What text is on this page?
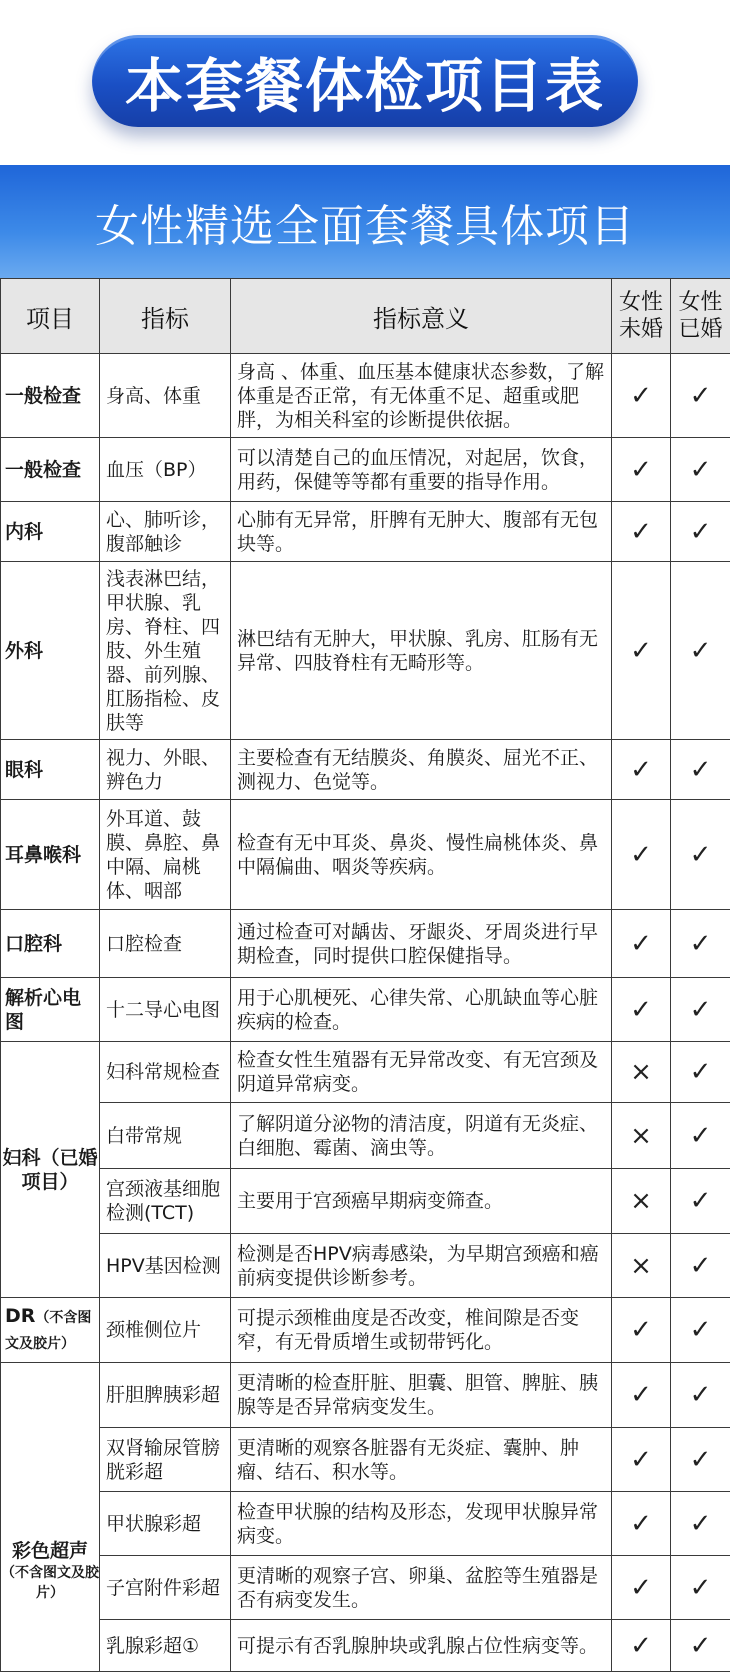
本套餐体检项目表
女性精选全面套餐具体项目
项目	指标	指标意义	女性未婚	女性已婚
一般检查	身高、体重	身高 、体重、血压基本健康状态参数，了解体重是否正常，有无体重不足、超重或肥胖，为相关科室的诊断提供依据。	✓	✓
一般检查	血压（BP）	可以清楚自己的血压情况，对起居，饮食，用药，保健等等都有重要的指导作用。	✓	✓
内科	心、肺听诊，腹部触诊	心肺有无异常，肝脾有无肿大、腹部有无包块等。	✓	✓
外科	浅表淋巴结，甲状腺、乳房、脊柱、四肢、外生殖器、前列腺、肛肠指检、皮肤等	淋巴结有无肿大，甲状腺、乳房、肛肠有无异常、四肢脊柱有无畸形等。	✓	✓
眼科	视力、外眼、辨色力	主要检查有无结膜炎、角膜炎、屈光不正、测视力、色觉等。	✓	✓
耳鼻喉科	外耳道、鼓膜、鼻腔、鼻中隔、扁桃体、咽部	检查有无中耳炎、鼻炎、慢性扁桃体炎、鼻中隔偏曲、咽炎等疾病。	✓	✓
口腔科	口腔检查	通过检查可对龋齿、牙龈炎、牙周炎进行早期检查，同时提供口腔保健指导。	✓	✓
解析心电图	十二导心电图	用于心肌梗死、心律失常、心肌缺血等心脏疾病的检查。	✓	✓
妇科（已婚项目）	妇科常规检查	检查女性生殖器有无异常改变、有无宫颈及阴道异常病变。	×	✓
	白带常规	了解阴道分泌物的清洁度，阴道有无炎症、白细胞、霉菌、滴虫等。	×	✓
	宫颈液基细胞检测(TCT)	主要用于宫颈癌早期病变筛查。	×	✓
	HPV基因检测	检测是否HPV病毒感染，为早期宫颈癌和癌前病变提供诊断参考。	×	✓
DR（不含图文及胶片）	颈椎侧位片	可提示颈椎曲度是否改变，椎间隙是否变窄，有无骨质增生或韧带钙化。	✓	✓

彩色超声
（不含图文及胶片）	肝胆脾胰彩超	更清晰的检查肝脏、胆囊、胆管、脾脏、胰腺等是否异常病变发生。	✓	✓
	双肾输尿管膀胱彩超	更清晰的观察各脏器有无炎症、囊肿、肿瘤、结石、积水等。	✓	✓
	甲状腺彩超	检查甲状腺的结构及形态，发现甲状腺异常病变。	✓	✓
	子宫附件彩超	更清晰的观察子宫、卵巢、盆腔等生殖器是否有病变发生。	✓	✓
	乳腺彩超①	可提示有否乳腺肿块或乳腺占位性病变等。	✓	✓
